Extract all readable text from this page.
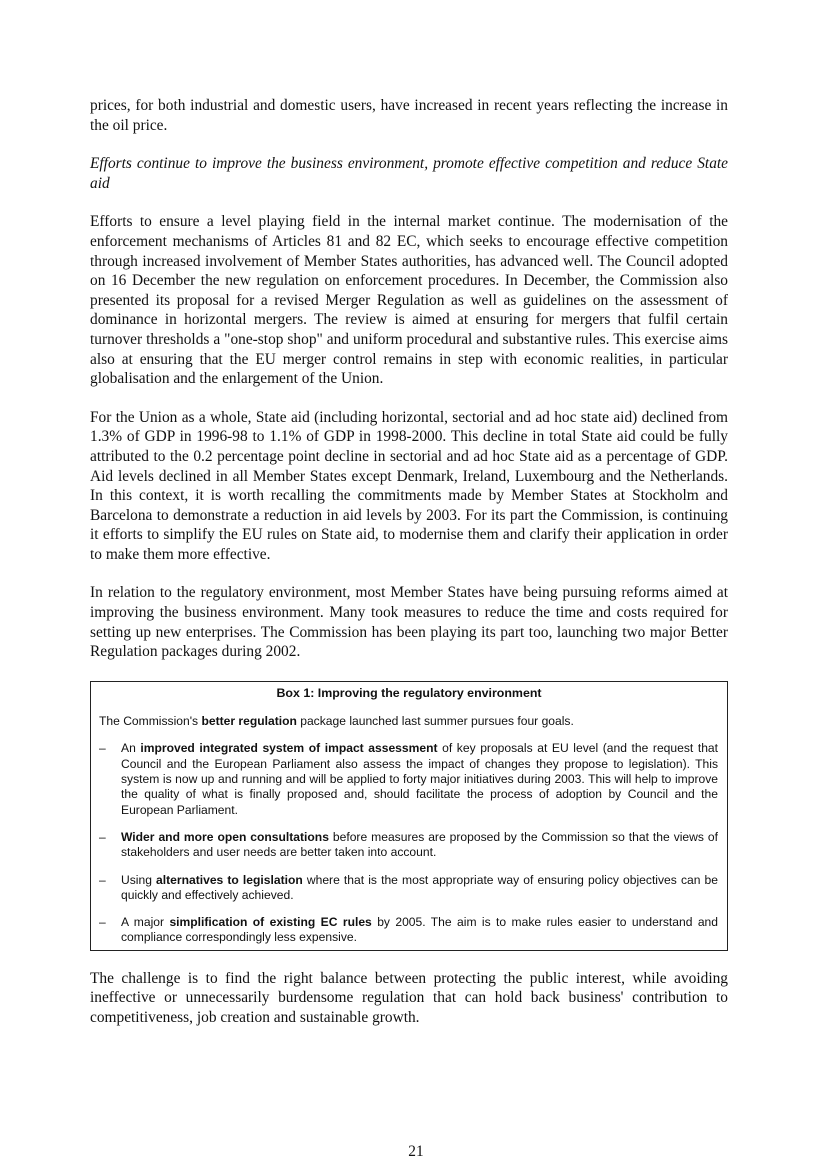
prices, for both industrial and domestic users, have increased in recent years reflecting the increase in the oil price.

Efforts continue to improve the business environment, promote effective competition and reduce State aid

Efforts to ensure a level playing field in the internal market continue. The modernisation of the enforcement mechanisms of Articles 81 and 82 EC, which seeks to encourage effective competition through increased involvement of Member States authorities, has advanced well. The Council adopted on 16 December the new regulation on enforcement procedures. In December, the Commission also presented its proposal for a revised Merger Regulation as well as guidelines on the assessment of dominance in horizontal mergers. The review is aimed at ensuring for mergers that fulfil certain turnover thresholds a "one-stop shop" and uniform procedural and substantive rules. This exercise aims also at ensuring that the EU merger control remains in step with economic realities, in particular globalisation and the enlargement of the Union.

For the Union as a whole, State aid (including horizontal, sectorial and ad hoc state aid) declined from 1.3% of GDP in 1996-98 to 1.1% of GDP in 1998-2000. This decline in total State aid could be fully attributed to the 0.2 percentage point decline in sectorial and ad hoc State aid as a percentage of GDP. Aid levels declined in all Member States except Denmark, Ireland, Luxembourg and the Netherlands. In this context, it is worth recalling the commitments made by Member States at Stockholm and Barcelona to demonstrate a reduction in aid levels by 2003. For its part the Commission, is continuing it efforts to simplify the EU rules on State aid, to modernise them and clarify their application in order to make them more effective.

In relation to the regulatory environment, most Member States have being pursuing reforms aimed at improving the business environment. Many took measures to reduce the time and costs required for setting up new enterprises. The Commission has been playing its part too, launching two major Better Regulation packages during 2002.

Box 1: Improving the regulatory environment
The Commission's better regulation package launched last summer pursues four goals.
–	An improved integrated system of impact assessment of key proposals at EU level (and the request that Council and the European Parliament also assess the impact of changes they propose to legislation). This system is now up and running and will be applied to forty major initiatives during 2003. This will help to improve the quality of what is finally proposed and, should facilitate the process of adoption by Council and the European Parliament.
–	Wider and more open consultations before measures are proposed by the Commission so that the views of stakeholders and user needs are better taken into account.
–	Using alternatives to legislation where that is the most appropriate way of ensuring policy objectives can be quickly and effectively achieved.
–	A major simplification of existing EC rules by 2005. The aim is to make rules easier to understand and compliance correspondingly less expensive.

The challenge is to find the right balance between protecting the public interest, while avoiding ineffective or unnecessarily burdensome regulation that can hold back business' contribution to competitiveness, job creation and sustainable growth.

21
